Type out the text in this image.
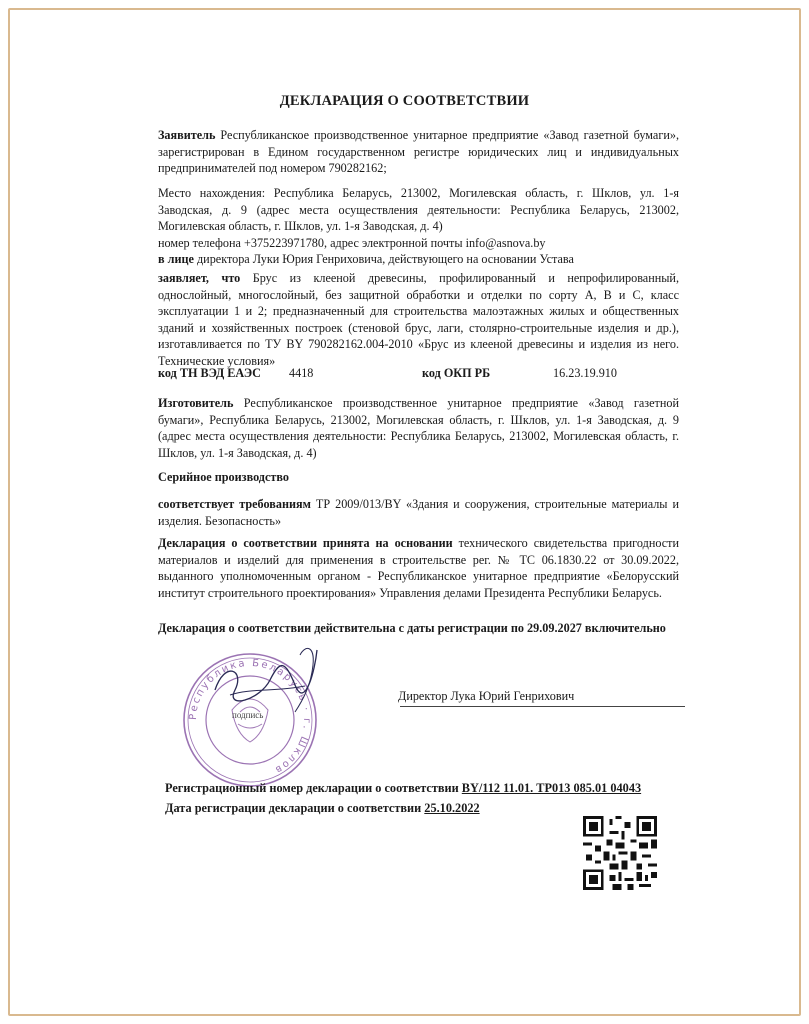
ДЕКЛАРАЦИЯ О СООТВЕТСТВИИ
Заявитель Республиканское производственное унитарное предприятие «Завод газетной бумаги», зарегистрирован в Едином государственном регистре юридических лиц и индивидуальных предпринимателей под номером 790282162;
Место нахождения: Республика Беларусь, 213002, Могилевская область, г. Шклов, ул. 1-я Заводская, д. 9 (адрес места осуществления деятельности: Республика Беларусь, 213002, Могилевская область, г. Шклов, ул. 1-я Заводская, д. 4)
номер телефона +375223971780, адрес электронной почты info@asnova.by
в лице директора Луки Юрия Генриховича, действующего на основании Устава
заявляет, что Брус из клееной древесины, профилированный и непрофилированный, однослойный, многослойный, без защитной обработки и отделки по сорту А, В и С, класс эксплуатации 1 и 2; предназначенный для строительства малоэтажных жилых и общественных зданий и хозяйственных построек (стеновой брус, лаги, столярно-строительные изделия и др.), изготавливается по ТУ BY 790282162.004-2010 «Брус из клееной древесины и изделия из него. Технические условия»
код ТН ВЭД ЕАЭС 4418	код ОКП РБ	16.23.19.910
Изготовитель Республиканское производственное унитарное предприятие «Завод газетной бумаги», Республика Беларусь, 213002, Могилевская область, г. Шклов, ул. 1-я Заводская, д. 9 (адрес места осуществления деятельности: Республика Беларусь, 213002, Могилевская область, г. Шклов, ул. 1-я Заводская, д. 4)
Серийное производство
соответствует требованиям ТР 2009/013/BY «Здания и сооружения, строительные материалы и изделия. Безопасность»
Декларация о соответствии принята на основании технического свидетельства пригодности материалов и изделий для применения в строительстве рег. № ТС 06.1830.22 от 30.09.2022, выданного уполномоченным органом - Республиканское унитарное предприятие «Белорусский институт строительного проектирования» Управления делами Президента Республики Беларусь.
Декларация о соответствии действительна с даты регистрации по 29.09.2027 включительно
Республика Беларусь · г. Шклов
подпись
Директор Лука Юрий Генрихович
Регистрационный номер декларации о соответствии BY/112 11.01. ТР013 085.01 04043
Дата регистрации декларации о соответствии 25.10.2022
